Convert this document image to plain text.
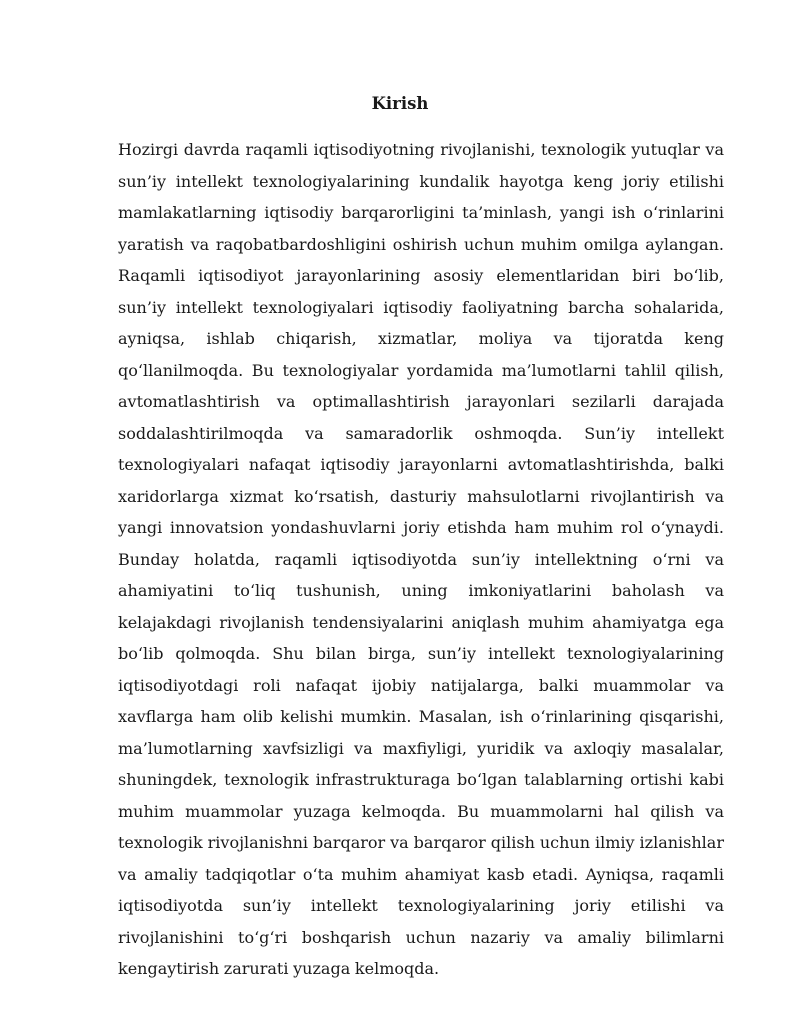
Kirish

Hozirgi davrda raqamli iqtisodiyotning rivojlanishi, texnologik yutuqlar va sun’iy intellekt texnologiyalarining kundalik hayotga keng joriy etilishi mamlakatlarning iqtisodiy barqarorligini ta’minlash, yangi ish o‘rinlarini yaratish va raqobatbardoshligini oshirish uchun muhim omilga aylangan. Raqamli iqtisodiyot jarayonlarining asosiy elementlaridan biri bo‘lib, sun’iy intellekt texnologiyalari iqtisodiy faoliyatning barcha sohalarida, ayniqsa, ishlab chiqarish, xizmatlar, moliya va tijoratda keng qo‘llanilmoqda. Bu texnologiyalar yordamida ma’lumotlarni tahlil qilish, avtomatlashtirish va optimallashtirish jarayonlari sezilarli darajada soddalashtirilmoqda va samaradorlik oshmoqda. Sun’iy intellekt texnologiyalari nafaqat iqtisodiy jarayonlarni avtomatlashtirishda, balki xaridorlarga xizmat ko‘rsatish, dasturiy mahsulotlarni rivojlantirish va yangi innovatsion yondashuvlarni joriy etishda ham muhim rol o‘ynaydi. Bunday holatda, raqamli iqtisodiyotda sun’iy intellektning o‘rni va ahamiyatini to‘liq tushunish, uning imkoniyatlarini baholash va kelajakdagi rivojlanish tendensiyalarini aniqlash muhim ahamiyatga ega bo‘lib qolmoqda. Shu bilan birga, sun’iy intellekt texnologiyalarining iqtisodiyotdagi roli nafaqat ijobiy natijalarga, balki muammolar va xavflarga ham olib kelishi mumkin. Masalan, ish o‘rinlarining qisqarishi, ma’lumotlarning xavfsizligi va maxfiyligi, yuridik va axloqiy masalalar, shuningdek, texnologik infrastrukturaga bo‘lgan talablarning ortishi kabi muhim muammolar yuzaga kelmoqda. Bu muammolarni hal qilish va texnologik rivojlanishni barqaror va barqaror qilish uchun ilmiy izlanishlar va amaliy tadqiqotlar o‘ta muhim ahamiyat kasb etadi. Ayniqsa, raqamli iqtisodiyotda sun’iy intellekt texnologiyalarining joriy etilishi va rivojlanishini to‘g‘ri boshqarish uchun nazariy va amaliy bilimlarni kengaytirish zarurati yuzaga kelmoqda.
